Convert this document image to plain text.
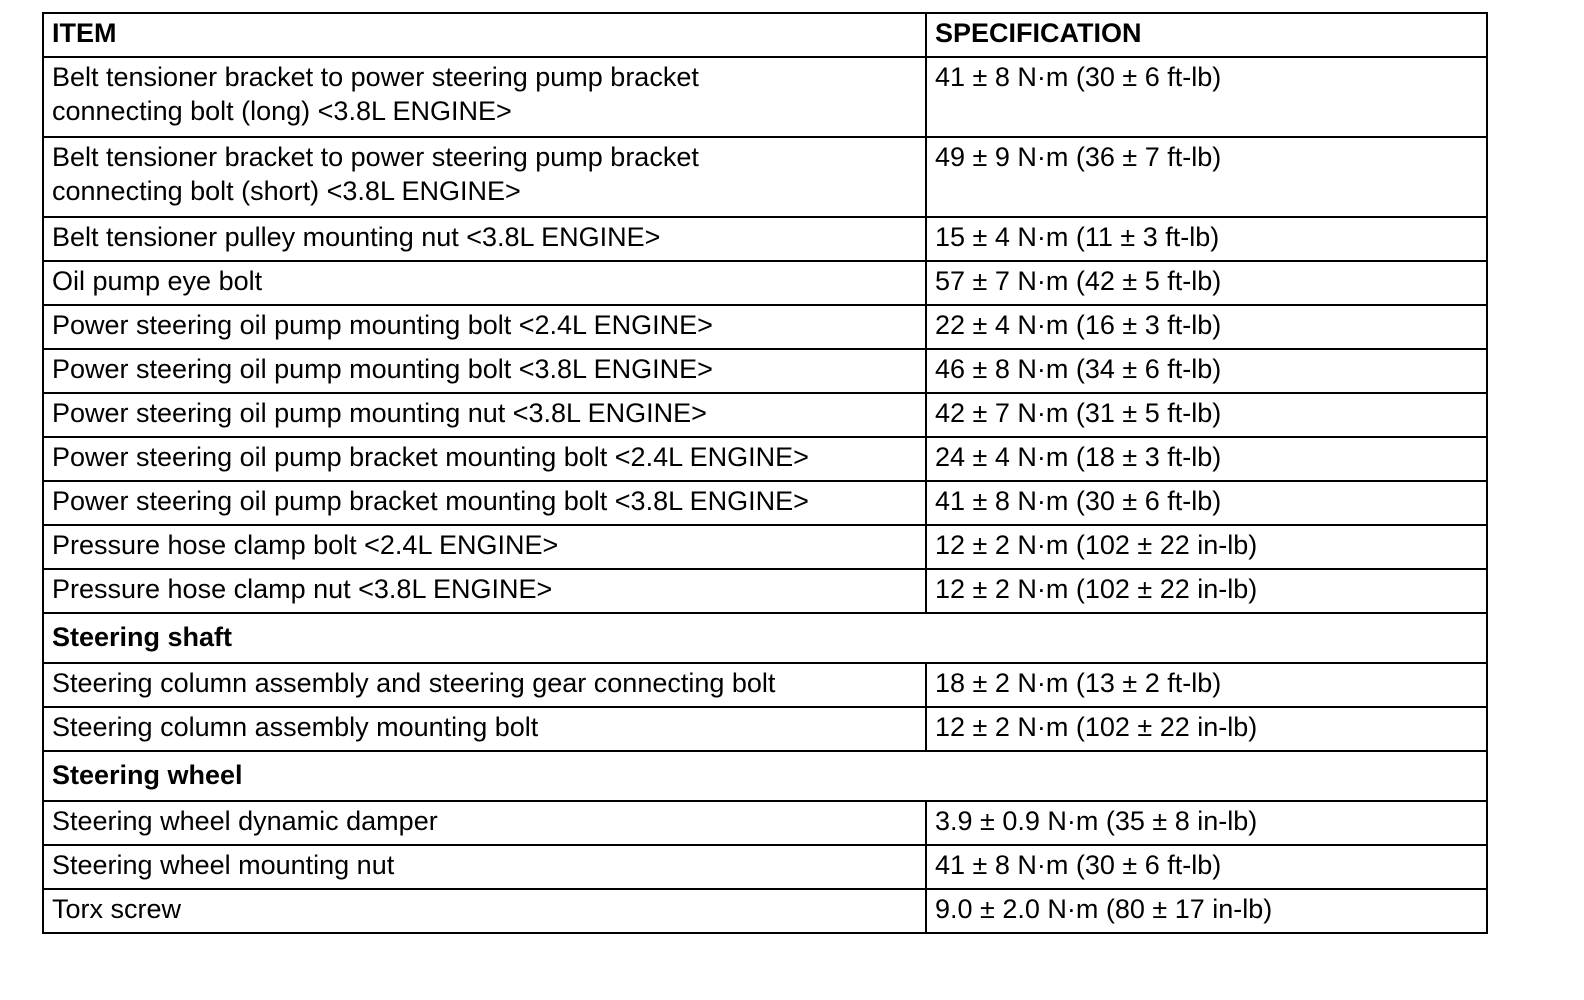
ITEM	SPECIFICATION
Belt tensioner bracket to power steering pump bracket
connecting bolt (long) <3.8L ENGINE>	41 ± 8 N·m (30 ± 6 ft-lb)
Belt tensioner bracket to power steering pump bracket
connecting bolt (short) <3.8L ENGINE>	49 ± 9 N·m (36 ± 7 ft-lb)
Belt tensioner pulley mounting nut <3.8L ENGINE>	15 ± 4 N·m (11 ± 3 ft-lb)
Oil pump eye bolt	57 ± 7 N·m (42 ± 5 ft-lb)
Power steering oil pump mounting bolt <2.4L ENGINE>	22 ± 4 N·m (16 ± 3 ft-lb)
Power steering oil pump mounting bolt <3.8L ENGINE>	46 ± 8 N·m (34 ± 6 ft-lb)
Power steering oil pump mounting nut <3.8L ENGINE>	42 ± 7 N·m (31 ± 5 ft-lb)
Power steering oil pump bracket mounting bolt <2.4L ENGINE>	24 ± 4 N·m (18 ± 3 ft-lb)
Power steering oil pump bracket mounting bolt <3.8L ENGINE>	41 ± 8 N·m (30 ± 6 ft-lb)
Pressure hose clamp bolt <2.4L ENGINE>	12 ± 2 N·m (102 ± 22 in-lb)
Pressure hose clamp nut <3.8L ENGINE>	12 ± 2 N·m (102 ± 22 in-lb)
Steering shaft	
Steering column assembly and steering gear connecting bolt	18 ± 2 N·m (13 ± 2 ft-lb)
Steering column assembly mounting bolt	12 ± 2 N·m (102 ± 22 in-lb)
Steering wheel	
Steering wheel dynamic damper	3.9 ± 0.9 N·m (35 ± 8 in-lb)
Steering wheel mounting nut	41 ± 8 N·m (30 ± 6 ft-lb)
Torx screw	9.0 ± 2.0 N·m (80 ± 17 in-lb)
